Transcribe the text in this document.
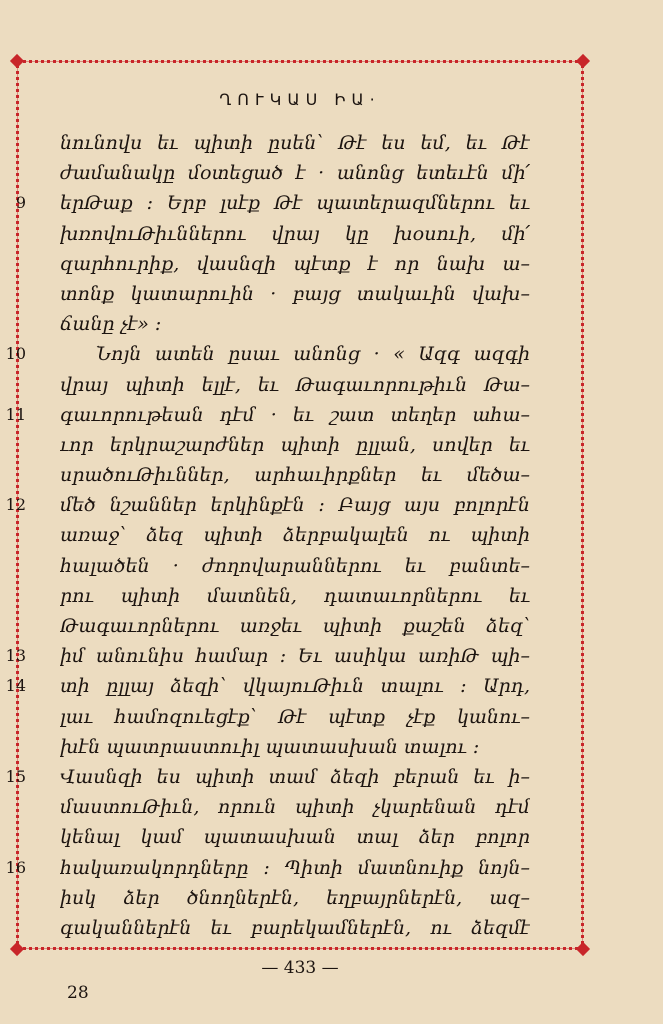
ՂՈՒԿԱՍ ԻԱ·
նունովս եւ պիտի ըսեն՝ Թէ ես եմ, եւ Թէ
ժամանակը մօտեցած է · անոնց ետեւէն մի՛
9 երԹաք ։ Երբ լսէք Թէ պատերազմներու եւ
խռովուԹիւններու վրայ կը խօսուի, մի՛
զարհուրիք, վասնզի պէտք է որ նախ ա–
տոնք կատարուին · բայց տակաւին վախ–
ճանը չէ» ։
10	Նոյն ատեն ըսաւ անոնց · « Ազգ ազգի
վրայ պիտի ելլէ, եւ Թագաւորութիւն Թա–
11 գաւորութեան դէմ · եւ շատ տեղեր ահա–
ւոր երկրաշարժներ պիտի ըլլան, սովեր եւ
սրածուԹիւններ, արհաւիրքներ եւ մեծա–
12 մեծ նշաններ երկինքէն ։ Բայց այս բոլորէն
առաջ՝ ձեզ պիտի ձերբակալեն ու պիտի
հալածեն · ժողովարաններու եւ բանտե–
րու պիտի մատնեն, դատաւորներու եւ
Թագաւորներու առջեւ պիտի քաշեն ձեզ՝
13 իմ անունիս համար ։ Եւ ասիկա առիԹ պի–
14 տի ըլլայ ձեզի՝ վկայուԹիւն տալու ։ Արդ,
լաւ համոզուեցէք՝ Թէ պէտք չէք կանու–
խէն պատրաստուիլ պատասխան տալու ։
15 Վասնզի ես պիտի տամ ձեզի բերան եւ ի–
մաստուԹիւն, որուն պիտի չկարենան դէմ
կենալ կամ պատասխան տալ ձեր բոլոր
16 հակառակորդները ։ Պիտի մատնուիք նոյն–
իսկ ձեր ծնողներէն, եղբայրներէն, ազ–
գականներէն եւ բարեկամներէն, ու ձեզմէ
— 433 —
28
